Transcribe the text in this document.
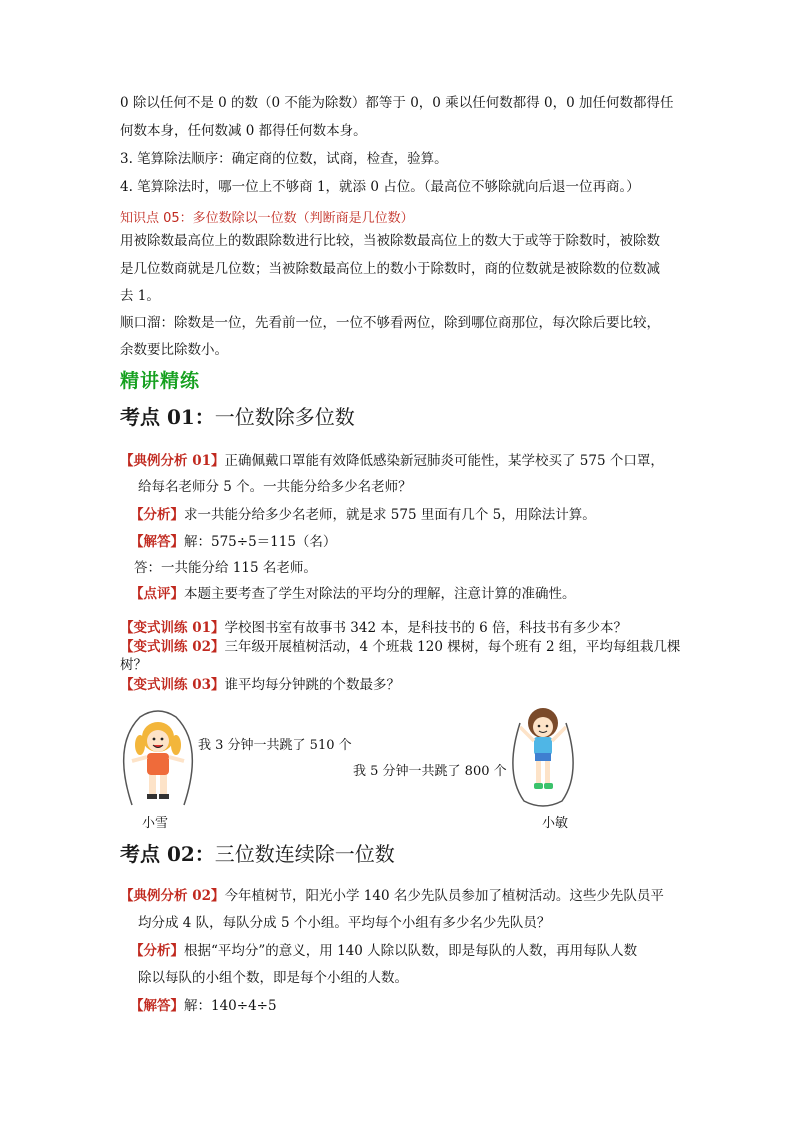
0 除以任何不是 0 的数（0 不能为除数）都等于 0，0 乘以任何数都得 0，0 加任何数都得任
何数本身，任何数减 0 都得任何数本身。
3. 笔算除法顺序：确定商的位数，试商，检查，验算。
4. 笔算除法时，哪一位上不够商 1，就添 0 占位。（最高位不够除就向后退一位再商。）
知识点 05：多位数除以一位数（判断商是几位数）
用被除数最高位上的数跟除数进行比较，当被除数最高位上的数大于或等于除数时，被除数
是几位数商就是几位数；当被除数最高位上的数小于除数时，商的位数就是被除数的位数减
去 1。
顺口溜：除数是一位，先看前一位，一位不够看两位，除到哪位商那位，每次除后要比较，
余数要比除数小。
精讲精练
考点 01：一位数除多位数
【典例分析 01】正确佩戴口罩能有效降低感染新冠肺炎可能性，某学校买了 575 个口罩，
给每名老师分 5 个。一共能分给多少名老师？
【分析】求一共能分给多少名老师，就是求 575 里面有几个 5，用除法计算。
【解答】解：575÷5＝115（名）
答：一共能分给 115 名老师。
【点评】本题主要考查了学生对除法的平均分的理解，注意计算的准确性。
【变式训练 01】学校图书室有故事书 342 本，是科技书的 6 倍，科技书有多少本？
【变式训练 02】三年级开展植树活动，4 个班栽 120 棵树，每个班有 2 组，平均每组栽几棵
树？
【变式训练 03】谁平均每分钟跳的个数最多？
我 3 分钟一共跳了 510 个
我 5 分钟一共跳了 800 个
小雪	小敏
考点 02：三位数连续除一位数
【典例分析 02】今年植树节，阳光小学 140 名少先队员参加了植树活动。这些少先队员平
均分成 4 队，每队分成 5 个小组。平均每个小组有多少名少先队员？
【分析】根据“平均分”的意义，用 140 人除以队数，即是每队的人数，再用每队人数
除以每队的小组个数，即是每个小组的人数。
【解答】解：140÷4÷5
